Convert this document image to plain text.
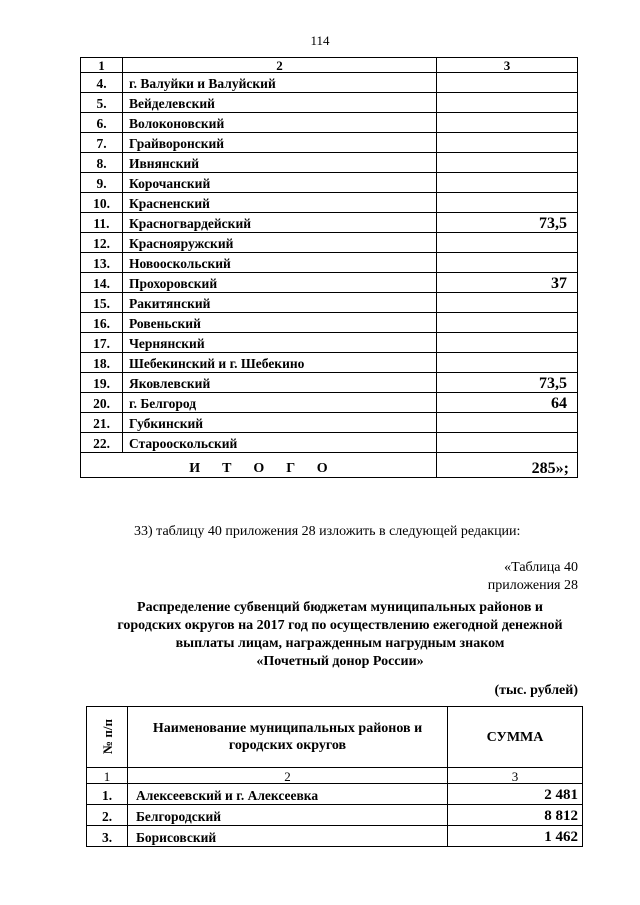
114
1	2	3
4.	г. Валуйки и Валуйский	
5.	Вейделевский	
6.	Волоконовский	
7.	Грайворонский	
8.	Ивнянский	
9.	Корочанский	
10.	Красненский	
11.	Красногвардейский	73,5
12.	Краснояружский	
13.	Новооскольский	
14.	Прохоровский	37
15.	Ракитянский	
16.	Ровеньский	
17.	Чернянский	
18.	Шебекинский и г. Шебекино	
19.	Яковлевский	73,5
20.	г. Белгород	64
21.	Губкинский	
22.	Старооскольский	
ИТОГО		285»;
33) таблицу 40 приложения 28 изложить в следующей редакции:
«Таблица 40
приложения 28
Распределение субвенций бюджетам муниципальных районов и
городских округов на 2017 год по осуществлению ежегодной денежной
выплаты лицам, награжденным нагрудным знаком
«Почетный донор России»
(тыс. рублей)
№ п/п	Наименование муниципальных районов и
городских округов	СУММА
1	2	3
1.	Алексеевский и г. Алексеевка	2 481
2.	Белгородский	8 812
3.	Борисовский	1 462
